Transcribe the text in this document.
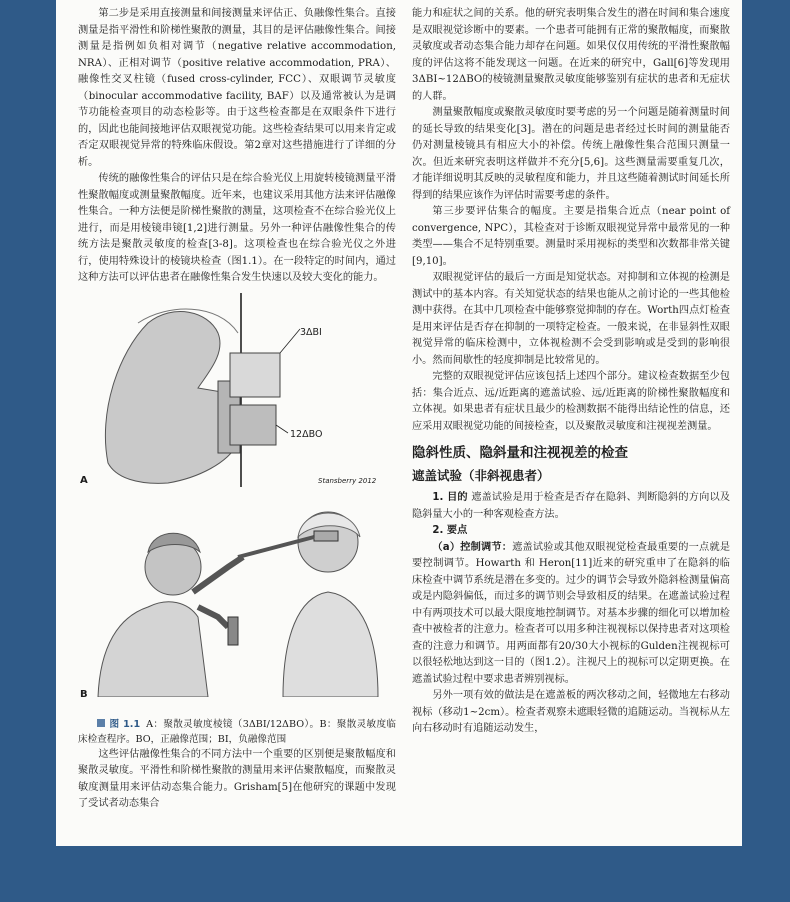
第二步是采用直接测量和间接测量来评估正、负融像性集合。直接测量是指平滑性和阶梯性聚散的测量，其目的是评估融像性集合。间接测量是指例如负相对调节（negative relative accommodation, NRA）、正相对调节（positive relative accommodation, PRA）、融像性交叉柱镜（fused cross-cylinder, FCC）、双眼调节灵敏度（binocular accommodative facility, BAF）以及通常被认为是调节功能检查项目的动态检影等。由于这些检查都是在双眼条件下进行的，因此也能间接地评估双眼视觉功能。这些检查结果可以用来肯定或否定双眼视觉异常的特殊临床假设。第2章对这些措施进行了详细的分析。

传统的融像性集合的评估只是在综合验光仪上用旋转棱镜测量平滑性聚散幅度或测量聚散幅度。近年来，也建议采用其他方法来评估融像性集合。一种方法便是阶梯性聚散的测量，这项检查不在综合验光仪上进行，而是用棱镜串镜[1,2]进行测量。另外一种评估融像性集合的传统方法是聚散灵敏度的检查[3-8]。这项检查也在综合验光仪之外进行，使用特殊设计的棱镜块检查（图1.1）。在一段特定的时间内，通过这种方法可以评估患者在融像性集合发生快速以及较大变化的能力。

3ΔBI
12ΔBO
A	Stansberry 2012
B

图 1.1 A：聚散灵敏度棱镜（3ΔBI/12ΔBO）。B：聚散灵敏度临床检查程序。BO，正融像范围；BI，负融像范围

这些评估融像性集合的不同方法中一个重要的区别便是聚散幅度和聚散灵敏度。平滑性和阶梯性聚散的测量用来评估聚散幅度，而聚散灵敏度测量用来评估动态集合能力。Grisham[5]在他研究的课题中发现了受试者动态集合

能力和症状之间的关系。他的研究表明集合发生的潜在时间和集合速度是双眼视觉诊断中的要素。一个患者可能拥有正常的聚散幅度，而聚散灵敏度或者动态集合能力却存在问题。如果仅仅用传统的平滑性聚散幅度的评估这将不能发现这一问题。在近来的研究中，Gall[6]等发现用3ΔBI~12ΔBO的棱镜测量聚散灵敏度能够鉴别有症状的患者和无症状的人群。

测量聚散幅度或聚散灵敏度时要考虑的另一个问题是随着测量时间的延长导致的结果变化[3]。潜在的问题是患者经过长时间的测量能否仍对测量棱镜具有相应大小的补偿。传统上融像性集合范围只测量一次。但近来研究表明这样做并不充分[5,6]。这些测量需要重复几次，才能详细说明其反映的灵敏程度和能力，并且这些随着测试时间延长所得到的结果应该作为评估时需要考虑的条件。

第三步要评估集合的幅度。主要是指集合近点（near point of convergence, NPC），其检查对于诊断双眼视觉异常中最常见的一种类型——集合不足特别重要。测量时采用视标的类型和次数都非常关键[9,10]。

双眼视觉评估的最后一方面是知觉状态。对抑制和立体视的检测是测试中的基本内容。有关知觉状态的结果也能从之前讨论的一些其他检测中获得。在其中几项检查中能够察觉抑制的存在。Worth四点灯检查是用来评估是否存在抑制的一项特定检查。一般来说，在非显斜性双眼视觉异常的临床检测中，立体视检测不会受到影响或是受到的影响很小。然而间歇性的轻度抑制是比较常见的。

完整的双眼视觉评估应该包括上述四个部分。建议检查数据至少包括：集合近点、远/近距离的遮盖试验、远/近距离的阶梯性聚散幅度和立体视。如果患者有症状且最少的检测数据不能得出结论性的信息，还应采用双眼视觉功能的间接检查，以及聚散灵敏度和注视视差测量。

隐斜性质、隐斜量和注视视差的检查
遮盖试验（非斜视患者）

1. 目的 遮盖试验是用于检查是否存在隐斜、判断隐斜的方向以及隐斜量大小的一种客观检查方法。

2. 要点

（a）控制调节：遮盖试验或其他双眼视觉检查最重要的一点就是要控制调节。Howarth 和 Heron[11]近来的研究重申了在隐斜的临床检查中调节系统是潜在多变的。过少的调节会导致外隐斜检测量偏高或是内隐斜偏低，而过多的调节则会导致相反的结果。在遮盖试验过程中有两项技术可以最大限度地控制调节。对基本步骤的细化可以增加检查中被检者的注意力。检查者可以用多种注视视标以保持患者对这项检查的注意力和调节。用两面都有20/30大小视标的Gulden注视视标可以很轻松地达到这一目的（图1.2）。注视尺上的视标可以定期更换。在遮盖试验过程中要求患者辨别视标。

另外一项有效的做法是在遮盖板的两次移动之间，轻微地左右移动视标（移动1~2cm）。检查者观察未遮眼轻微的追随运动。当视标从左向右移动时有追随运动发生，
